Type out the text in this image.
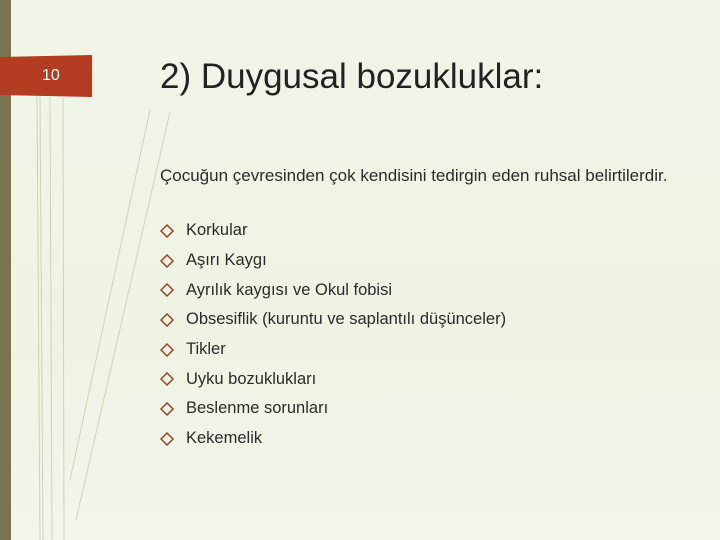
10	2) Duygusal bozukluklar:
Çocuğun çevresinden çok kendisini tedirgin eden ruhsal belirtilerdir.
Korkular
Aşırı Kaygı
Ayrılık kaygısı ve Okul fobisi
Obsesiflik (kuruntu ve saplantılı düşünceler)
Tikler
Uyku bozuklukları
Beslenme sorunları
Kekemelik
